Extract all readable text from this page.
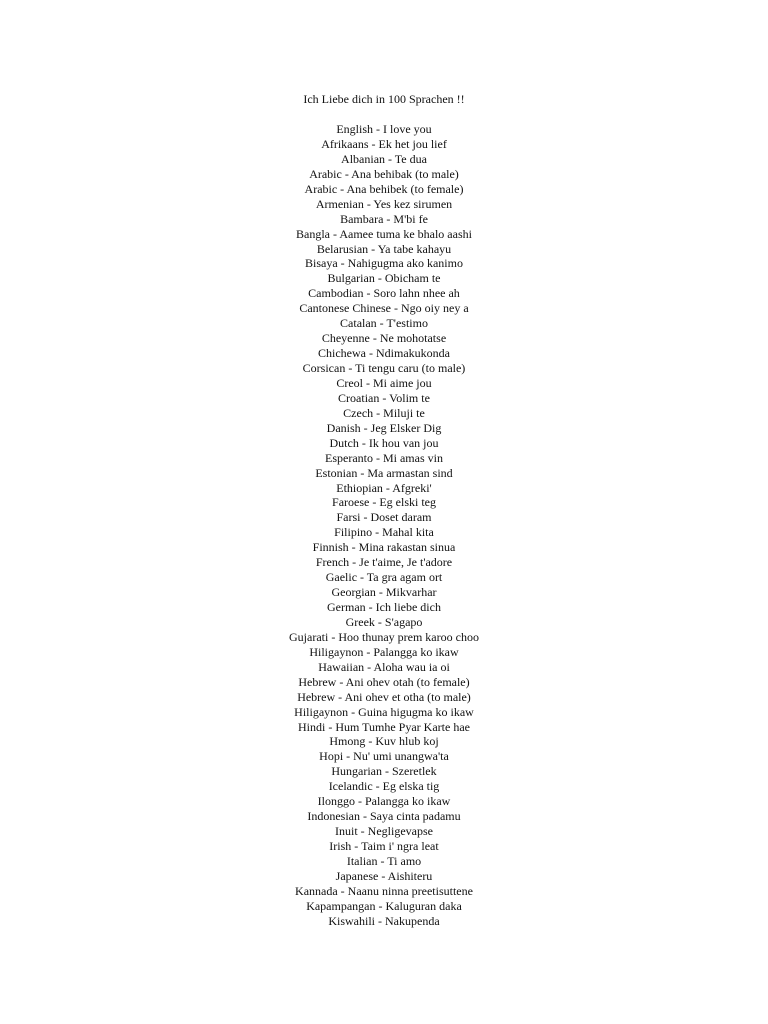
Ich Liebe dich in 100 Sprachen !!
English - I love you
Afrikaans - Ek het jou lief
Albanian - Te dua
Arabic - Ana behibak (to male)
Arabic - Ana behibek (to female)
Armenian - Yes kez sirumen
Bambara - M'bi fe
Bangla - Aamee tuma ke bhalo aashi
Belarusian - Ya tabe kahayu
Bisaya - Nahigugma ako kanimo
Bulgarian - Obicham te
Cambodian - Soro lahn nhee ah
Cantonese Chinese - Ngo oiy ney a
Catalan - T'estimo
Cheyenne - Ne mohotatse
Chichewa - Ndimakukonda
Corsican - Ti tengu caru (to male)
Creol - Mi aime jou
Croatian - Volim te
Czech - Miluji te
Danish - Jeg Elsker Dig
Dutch - Ik hou van jou
Esperanto - Mi amas vin
Estonian - Ma armastan sind
Ethiopian - Afgreki'
Faroese - Eg elski teg
Farsi - Doset daram
Filipino - Mahal kita
Finnish - Mina rakastan sinua
French - Je t'aime, Je t'adore
Gaelic - Ta gra agam ort
Georgian - Mikvarhar
German - Ich liebe dich
Greek - S'agapo
Gujarati - Hoo thunay prem karoo choo
Hiligaynon - Palangga ko ikaw
Hawaiian - Aloha wau ia oi
Hebrew - Ani ohev otah (to female)
Hebrew - Ani ohev et otha (to male)
Hiligaynon - Guina higugma ko ikaw
Hindi - Hum Tumhe Pyar Karte hae
Hmong - Kuv hlub koj
Hopi - Nu' umi unangwa'ta
Hungarian - Szeretlek
Icelandic - Eg elska tig
Ilonggo - Palangga ko ikaw
Indonesian - Saya cinta padamu
Inuit - Negligevapse
Irish - Taim i' ngra leat
Italian - Ti amo
Japanese - Aishiteru
Kannada - Naanu ninna preetisuttene
Kapampangan - Kaluguran daka
Kiswahili - Nakupenda
